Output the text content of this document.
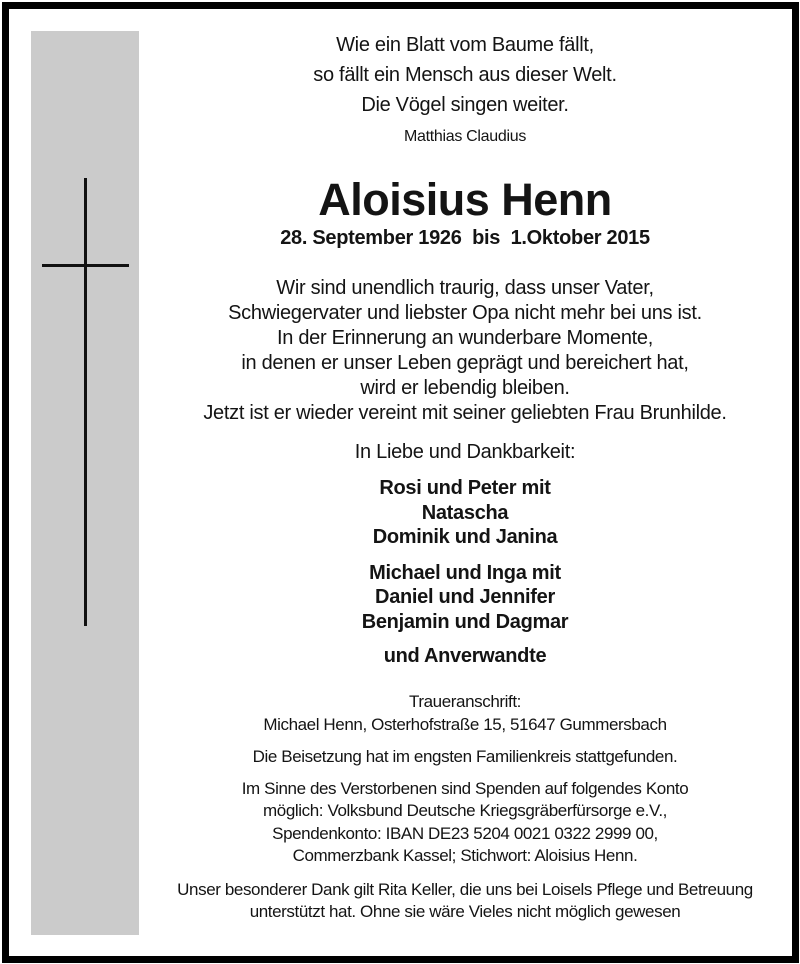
Wie ein Blatt vom Baume fällt,
so fällt ein Mensch aus dieser Welt.
Die Vögel singen weiter.
Matthias Claudius
Aloisius Henn
28. September 1926  bis  1.Oktober 2015
Wir sind unendlich traurig, dass unser Vater,
Schwiegervater und liebster Opa nicht mehr bei uns ist.
In der Erinnerung an wunderbare Momente,
in denen er unser Leben geprägt und bereichert hat,
wird er lebendig bleiben.
Jetzt ist er wieder vereint mit seiner geliebten Frau Brunhilde.
In Liebe und Dankbarkeit:
Rosi und Peter mit
Natascha
Dominik und Janina
Michael und Inga mit
Daniel und Jennifer
Benjamin und Dagmar
und Anverwandte
Traueranschrift:
Michael Henn, Osterhofstraße 15, 51647 Gummersbach
Die Beisetzung hat im engsten Familienkreis stattgefunden.
Im Sinne des Verstorbenen sind Spenden auf folgendes Konto
möglich: Volksbund Deutsche Kriegsgräberfürsorge e.V.,
Spendenkonto: IBAN DE23 5204 0021 0322 2999 00,
Commerzbank Kassel; Stichwort: Aloisius Henn.
Unser besonderer Dank gilt Rita Keller, die uns bei Loisels Pflege und Betreuung
unterstützt hat. Ohne sie wäre Vieles nicht möglich gewesen
